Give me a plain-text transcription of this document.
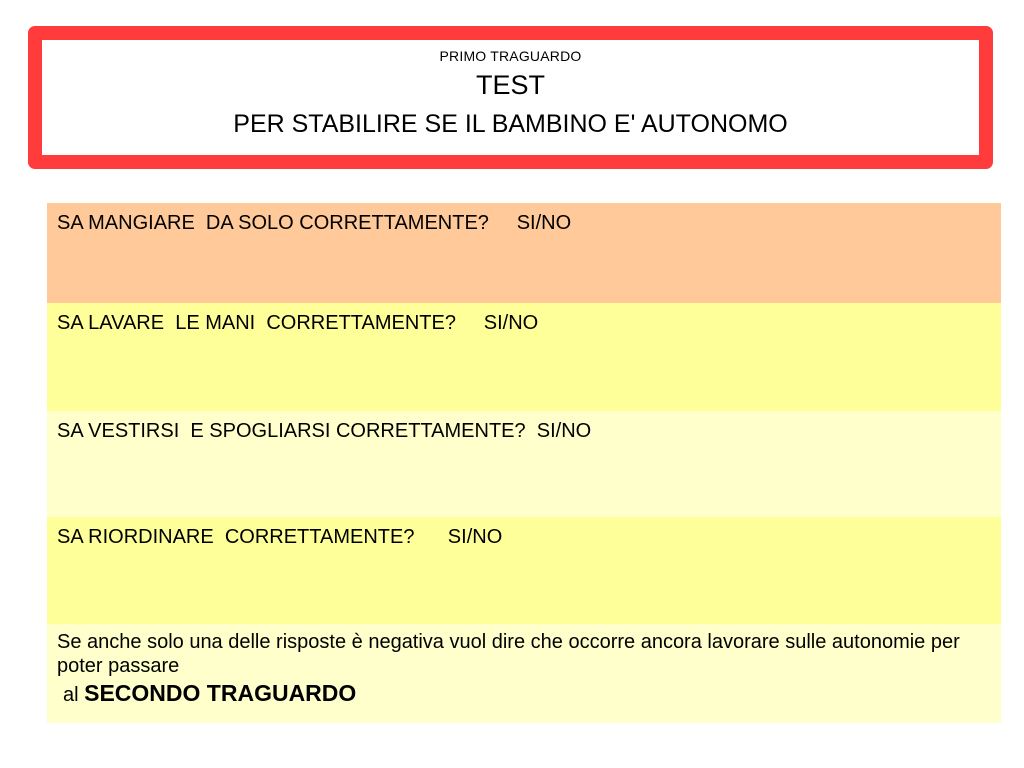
PRIMO TRAGUARDO
TEST
PER STABILIRE SE IL BAMBINO E' AUTONOMO
SA MANGIARE  DA SOLO CORRETTAMENTE?     SI/NO
SA LAVARE  LE MANI  CORRETTAMENTE?     SI/NO
SA VESTIRSI  E SPOGLIARSI CORRETTAMENTE?  SI/NO
SA RIORDINARE  CORRETTAMENTE?      SI/NO
Se anche solo una delle risposte è negativa vuol dire che occorre ancora lavorare sulle autonomie per poter passare
al SECONDO TRAGUARDO
